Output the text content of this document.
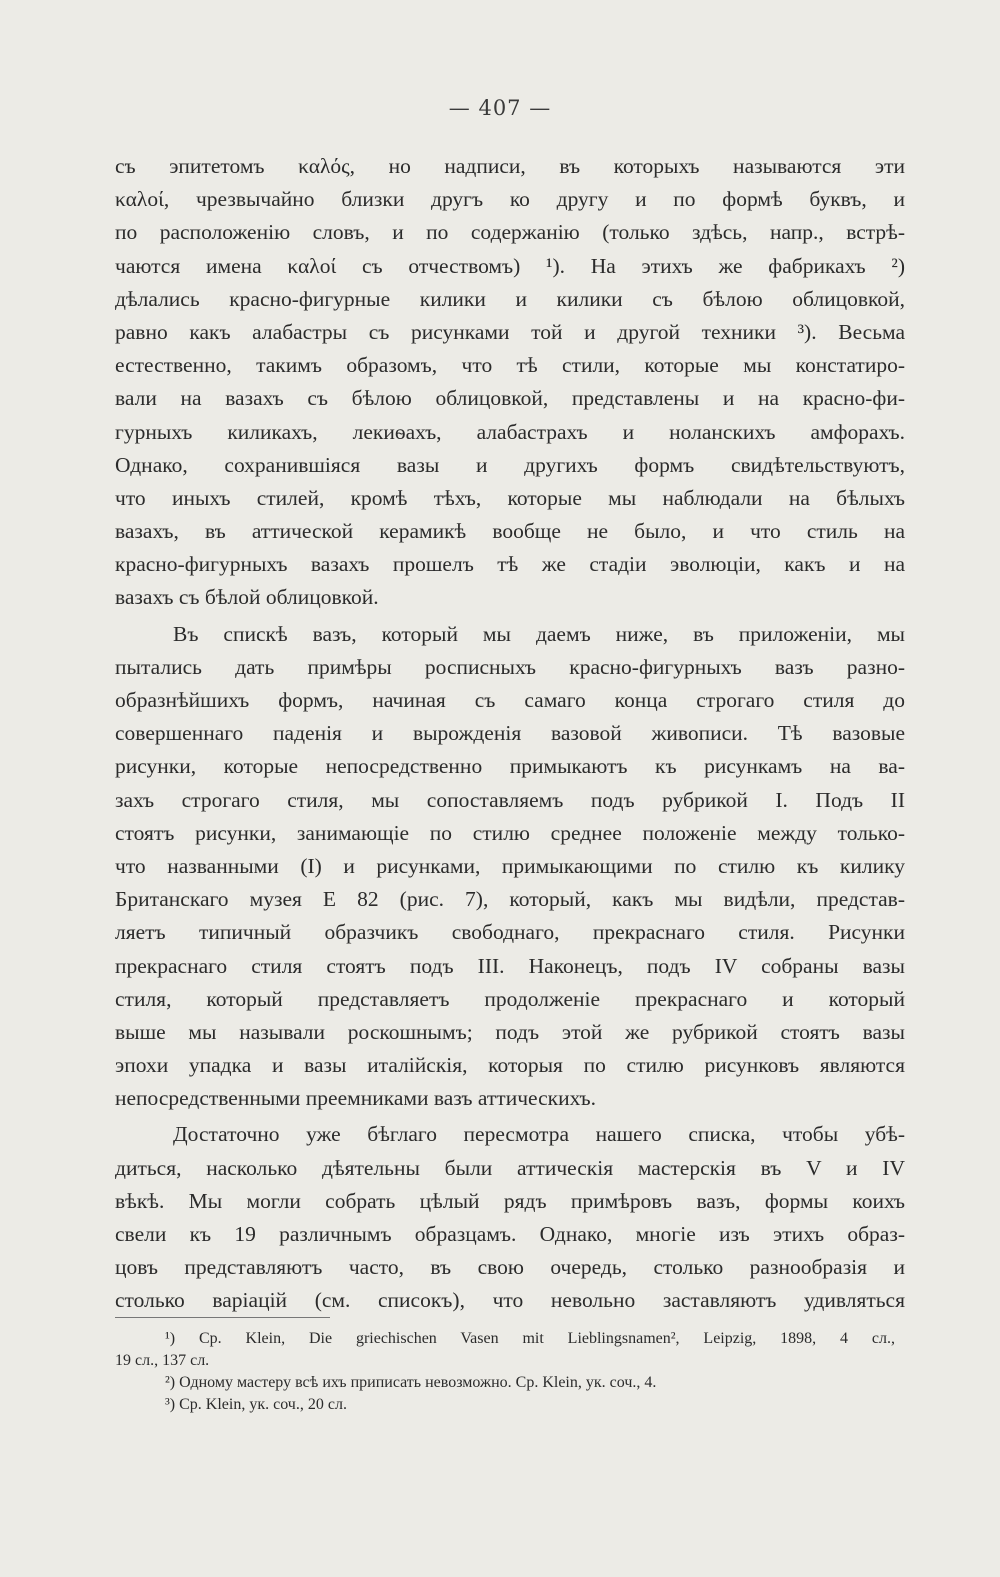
— 407 —
съ эпитетомъ καλός, но надписи, въ которыхъ называются эти
καλοί, чрезвычайно близки другъ ко другу и по формѣ буквъ, и
по расположенію словъ, и по содержанію (только здѣсь, напр., встрѣ-
чаются имена καλοί съ отчествомъ) ¹). На этихъ же фабрикахъ ²)
дѣлались красно-фигурные килики и килики съ бѣлою облицовкой,
равно какъ алабастры съ рисунками той и другой техники ³). Весьма
естественно, такимъ образомъ, что тѣ стили, которые мы констатиро-
вали на вазахъ съ бѣлою облицовкой, представлены и на красно-фи-
гурныхъ киликахъ, лекиѳахъ, алабастрахъ и ноланскихъ амфорахъ.
Однако, сохранившіяся вазы и другихъ формъ свидѣтельствуютъ,
что иныхъ стилей, кромѣ тѣхъ, которые мы наблюдали на бѣлыхъ
вазахъ, въ аттической керамикѣ вообще не было, и что стиль на
красно-фигурныхъ вазахъ прошелъ тѣ же стадіи эволюціи, какъ и на
вазахъ съ бѣлой облицовкой.
Въ спискѣ вазъ, который мы даемъ ниже, въ приложеніи, мы
пытались дать примѣры росписныхъ красно-фигурныхъ вазъ разно-
образнѣйшихъ формъ, начиная съ самаго конца строгаго стиля до
совершеннаго паденія и вырожденія вазовой живописи. Тѣ вазовые
рисунки, которые непосредственно примыкаютъ къ рисункамъ на ва-
захъ строгаго стиля, мы сопоставляемъ подъ рубрикой I. Подъ II
стоятъ рисунки, занимающіе по стилю среднее положеніе между только-
что названными (I) и рисунками, примыкающими по стилю къ килику
Британскаго музея E 82 (рис. 7), который, какъ мы видѣли, представ-
ляетъ типичный образчикъ свободнаго, прекраснаго стиля. Рисунки
прекраснаго стиля стоятъ подъ III. Наконецъ, подъ IV собраны вазы
стиля, который представляетъ продолженіе прекраснаго и который
выше мы называли роскошнымъ; подъ этой же рубрикой стоятъ вазы
эпохи упадка и вазы италійскія, которыя по стилю рисунковъ являются
непосредственными преемниками вазъ аттическихъ.
Достаточно уже бѣглаго пересмотра нашего списка, чтобы убѣ-
диться, насколько дѣятельны были аттическія мастерскія въ V и IV
вѣкѣ. Мы могли собрать цѣлый рядъ примѣровъ вазъ, формы коихъ
свели къ 19 различнымъ образцамъ. Однако, многіе изъ этихъ образ-
цовъ представляютъ часто, въ свою очередь, столько разнообразія и
столько варіацій (см. списокъ), что невольно заставляютъ удивляться
¹) Ср. Klein, Die griechischen Vasen mit Lieblingsnamen², Leipzig, 1898, 4 сл.,
19 сл., 137 сл.
²) Одному мастеру всѣ ихъ приписать невозможно. Ср. Klein, ук. соч., 4.
³) Ср. Klein, ук. соч., 20 сл.
